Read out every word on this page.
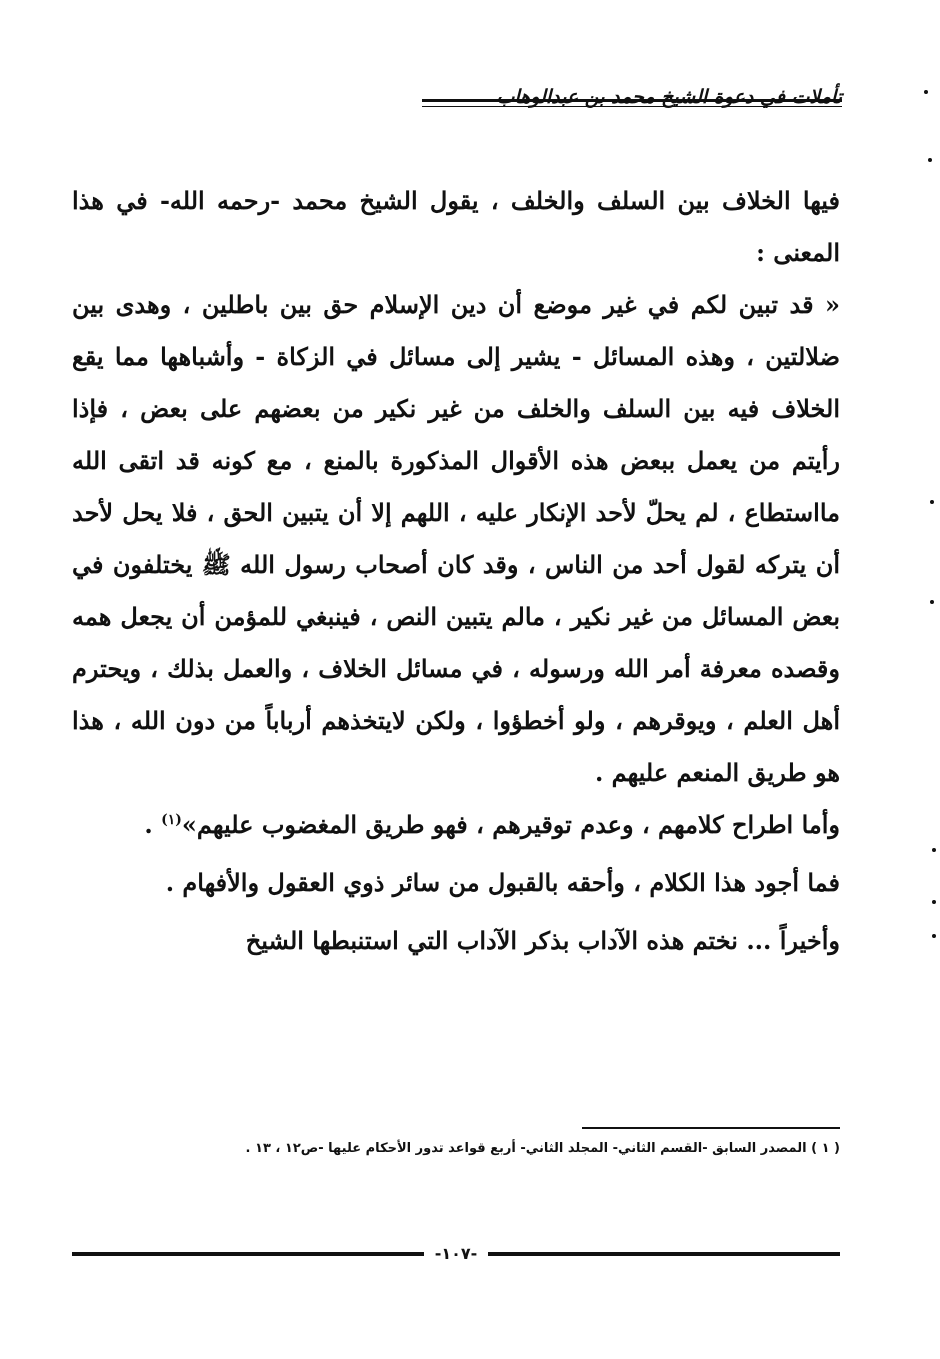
تأملات في دعوة الشيخ محمد بن عبدالوهاب

فيها الخلاف بين السلف والخلف ، يقول الشيخ محمد -رحمه الله- في هذا المعنى :

« قد تبين لكم في غير موضع أن دين الإسلام حق بين باطلين ، وهدى بين ضلالتين ، وهذه المسائل - يشير إلى مسائل في الزكاة - وأشباهها مما يقع الخلاف فيه بين السلف والخلف من غير نكير من بعضهم على بعض ، فإذا رأيتم من يعمل ببعض هذه الأقوال المذكورة بالمنع ، مع كونه قد اتقى الله مااستطاع ، لم يحلّ لأحد الإنكار عليه ، اللهم إلا أن يتبين الحق ، فلا يحل لأحد أن يتركه لقول أحد من الناس ، وقد كان أصحاب رسول الله ﷺ يختلفون في بعض المسائل من غير نكير ، مالم يتبين النص ، فينبغي للمؤمن أن يجعل همه وقصده معرفة أمر الله ورسوله ، في مسائل الخلاف ، والعمل بذلك ، ويحترم أهل العلم ، ويوقرهم ، ولو أخطؤوا ، ولكن لايتخذهم أرباباً من دون الله ، هذا هو طريق المنعم عليهم .

وأما اطراح كلامهم ، وعدم توقيرهم ، فهو طريق المغضوب عليهم»$^{(١)}$ .

فما أجود هذا الكلام ، وأحقه بالقبول من سائر ذوي العقول والأفهام .

وأخيراً ... نختم هذه الآداب بذكر الآداب التي استنبطها الشيخ

( ١ ) المصدر السابق -القسم الثاني- المجلد الثاني- أربع قواعد تدور الأحكام عليها -ص١٢ ، ١٣ .
-١٠٧-
